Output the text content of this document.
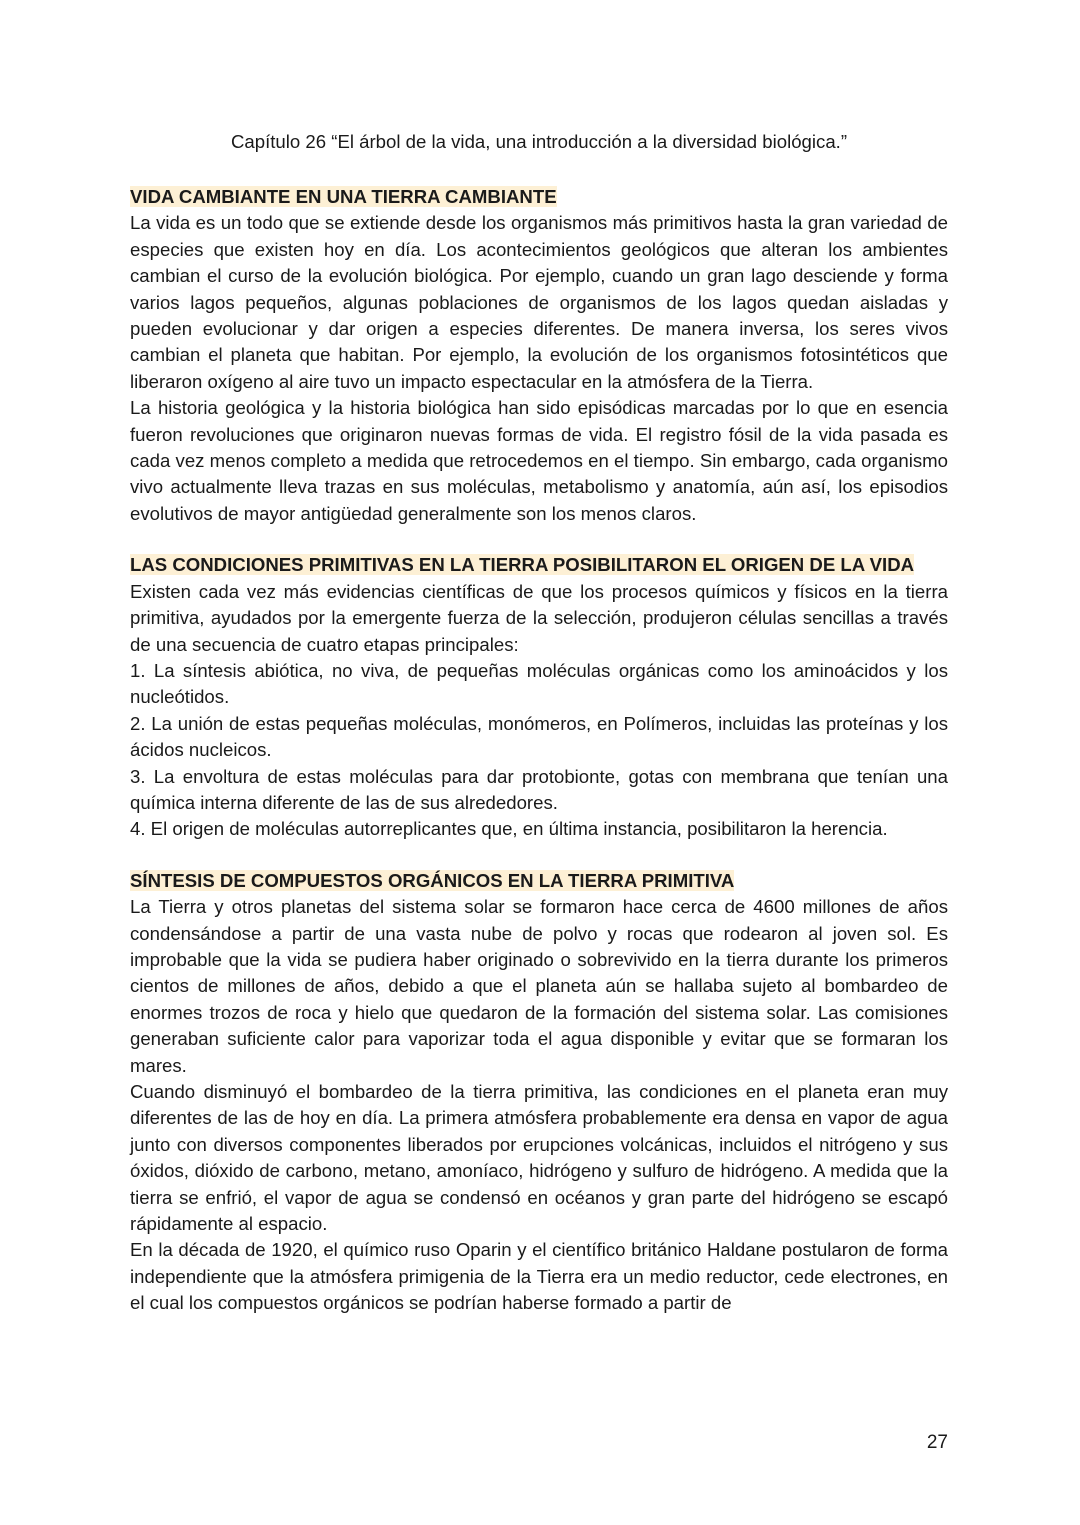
Capítulo 26 “El árbol de la vida, una introducción a la diversidad biológica.”

VIDA CAMBIANTE EN UNA TIERRA CAMBIANTE

La vida es un todo que se extiende desde los organismos más primitivos hasta la gran variedad de especies que existen hoy en día. Los acontecimientos geológicos que alteran los ambientes cambian el curso de la evolución biológica. Por ejemplo, cuando un gran lago desciende y forma varios lagos pequeños, algunas poblaciones de organismos de los lagos quedan aisladas y pueden evolucionar y dar origen a especies diferentes. De manera inversa, los seres vivos cambian el planeta que habitan. Por ejemplo, la evolución de los organismos fotosintéticos que liberaron oxígeno al aire tuvo un impacto espectacular en la atmósfera de la Tierra.

La historia geológica y la historia biológica han sido episódicas marcadas por lo que en esencia fueron revoluciones que originaron nuevas formas de vida. El registro fósil de la vida pasada es cada vez menos completo a medida que retrocedemos en el tiempo. Sin embargo, cada organismo vivo actualmente lleva trazas en sus moléculas, metabolismo y anatomía, aún así, los episodios evolutivos de mayor antigüedad generalmente son los menos claros.

LAS CONDICIONES PRIMITIVAS EN LA TIERRA POSIBILITARON EL ORIGEN DE LA VIDA

Existen cada vez más evidencias científicas de que los procesos químicos y físicos en la tierra primitiva, ayudados por la emergente fuerza de la selección, produjeron células sencillas a través de una secuencia de cuatro etapas principales:

1. La síntesis abiótica, no viva, de pequeñas moléculas orgánicas como los aminoácidos y los nucleótidos.

2. La unión de estas pequeñas moléculas, monómeros, en Polímeros, incluidas las proteínas y los ácidos nucleicos.

3. La envoltura de estas moléculas para dar protobionte, gotas con membrana que tenían una química interna diferente de las de sus alrededores.

4. El origen de moléculas autorreplicantes que, en última instancia, posibilitaron la herencia.

SÍNTESIS DE COMPUESTOS ORGÁNICOS EN LA TIERRA PRIMITIVA

La Tierra y otros planetas del sistema solar se formaron hace cerca de 4600 millones de años condensándose a partir de una vasta nube de polvo y rocas que rodearon al joven sol. Es improbable que la vida se pudiera haber originado o sobrevivido en la tierra durante los primeros cientos de millones de años, debido a que el planeta aún se hallaba sujeto al bombardeo de enormes trozos de roca y hielo que quedaron de la formación del sistema solar. Las comisiones generaban suficiente calor para vaporizar toda el agua disponible y evitar que se formaran los mares.

Cuando disminuyó el bombardeo de la tierra primitiva, las condiciones en el planeta eran muy diferentes de las de hoy en día. La primera atmósfera probablemente era densa en vapor de agua junto con diversos componentes liberados por erupciones volcánicas, incluidos el nitrógeno y sus óxidos, dióxido de carbono, metano, amoníaco, hidrógeno y sulfuro de hidrógeno. A medida que la tierra se enfrió, el vapor de agua se condensó en océanos y gran parte del hidrógeno se escapó rápidamente al espacio.

En la década de 1920, el químico ruso Oparin y el científico británico Haldane postularon de forma independiente que la atmósfera primigenia de la Tierra era un medio reductor, cede electrones, en el cual los compuestos orgánicos se podrían haberse formado a partir de

27
